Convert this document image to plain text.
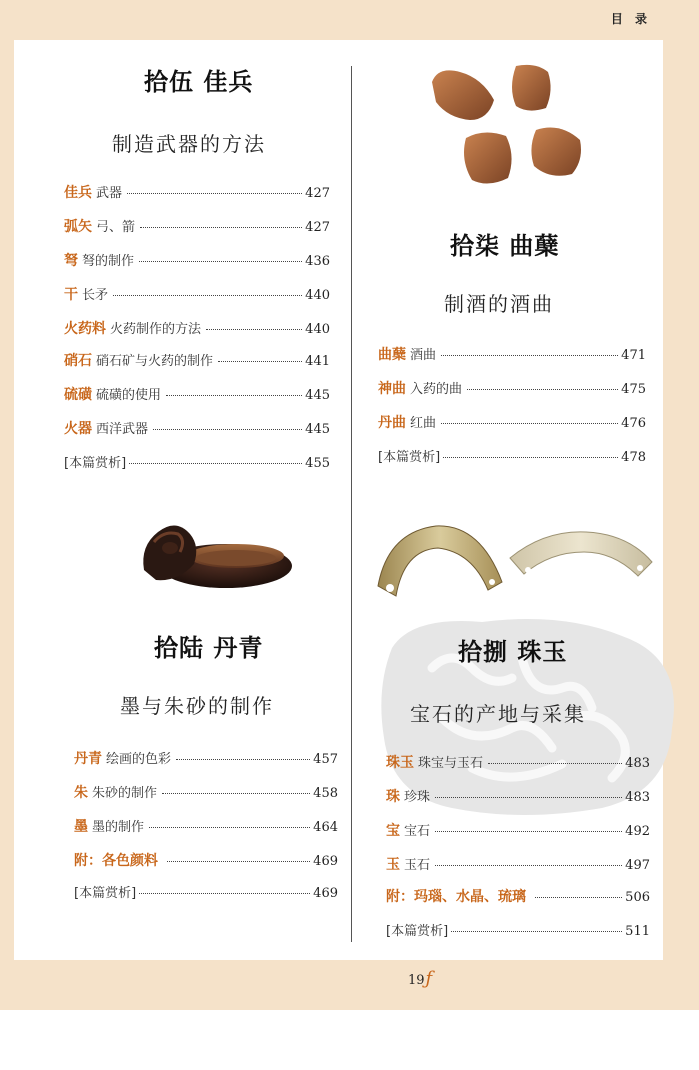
目 录
拾伍 佳兵
制造武器的方法
佳兵 武器	427
弧矢 弓、箭	427
弩 弩的制作	436
干 长矛	440
火药料 火药制作的方法	440
硝石 硝石矿与火药的制作	441
硫磺 硫磺的使用	445
火器 西洋武器	445
[本篇赏析]	455
拾陆 丹青
墨与朱砂的制作
丹青 绘画的色彩	457
朱 朱砂的制作	458
墨 墨的制作	464
附：各色颜料	469
[本篇赏析]	469
拾柒 曲蘖
制酒的酒曲
曲蘖 酒曲	471
神曲 入药的曲	475
丹曲 红曲	476
[本篇赏析]	478
拾捌 珠玉
宝石的产地与采集
珠玉 珠宝与玉石	483
珠 珍珠	483
宝 宝石	492
玉 玉石	497
附：玛瑙、水晶、琉璃	506
[本篇赏析]	511
19ƒ
